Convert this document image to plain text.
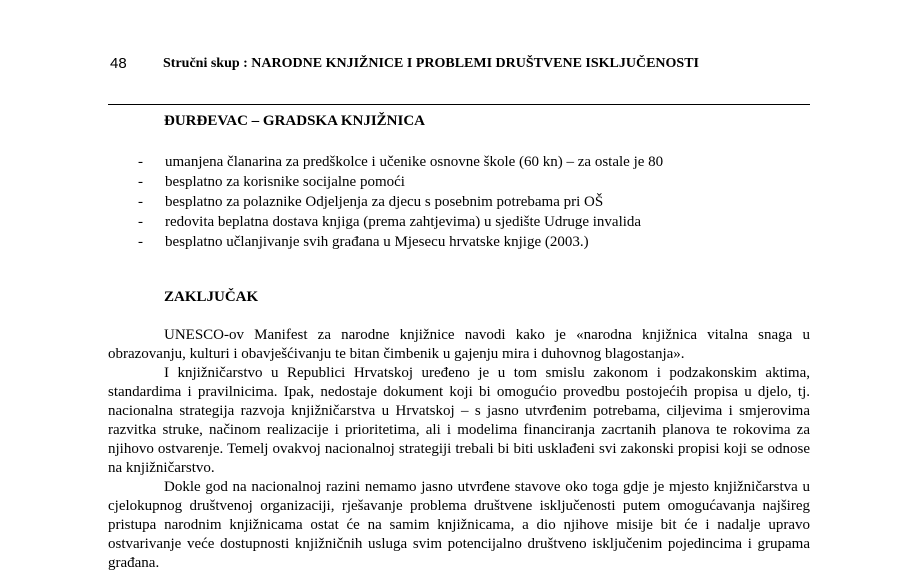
48	Stručni skup : NARODNE KNJIŽNICE I PROBLEMI DRUŠTVENE ISKLJUČENOSTI
ĐURĐEVAC – GRADSKA KNJIŽNICA
- umanjena članarina za predškolce i učenike osnovne škole (60 kn) – za ostale je 80
- besplatno za korisnike socijalne pomoći
- besplatno za polaznike Odjeljenja za djecu s posebnim potrebama pri OŠ
- redovita beplatna dostava knjiga (prema zahtjevima) u sjedište Udruge invalida
- besplatno učlanjivanje svih građana u Mjesecu hrvatske knjige (2003.)
ZAKLJUČAK

UNESCO-ov Manifest za narodne knjižnice navodi kako je «narodna knjižnica vitalna snaga u obrazovanju, kulturi i obavješćivanju te bitan čimbenik u gajenju mira i duhovnog blagostanja».

I knjižničarstvo u Republici Hrvatskoj uređeno je u tom smislu zakonom i podzakonskim aktima, standardima i pravilnicima. Ipak, nedostaje dokument koji bi omogućio provedbu postojećih propisa u djelo, tj. nacionalna strategija razvoja knjižničarstva u Hrvatskoj – s jasno utvrđenim potrebama, ciljevima i smjerovima razvitka struke, načinom realizacije i prioritetima, ali i modelima financiranja zacrtanih planova te rokovima za njihovo ostvarenje. Temelj ovakvoj nacionalnoj strategiji trebali bi biti usklađeni svi zakonski propisi koji se odnose na knjižničarstvo.

Dokle god na nacionalnoj razini nemamo jasno utvrđene stavove oko toga gdje je mjesto knjižničarstva u cjelokupnog društvenoj organizaciji, rješavanje problema društvene isključenosti putem omogućavanja najšireg pristupa narodnim knjižnicama ostat će na samim knjižnicama, a dio njihove misije bit će i nadalje upravo ostvarivanje veće dostupnosti knjižničnih usluga svim potencijalno društveno isključenim pojedincima i grupama građana.
